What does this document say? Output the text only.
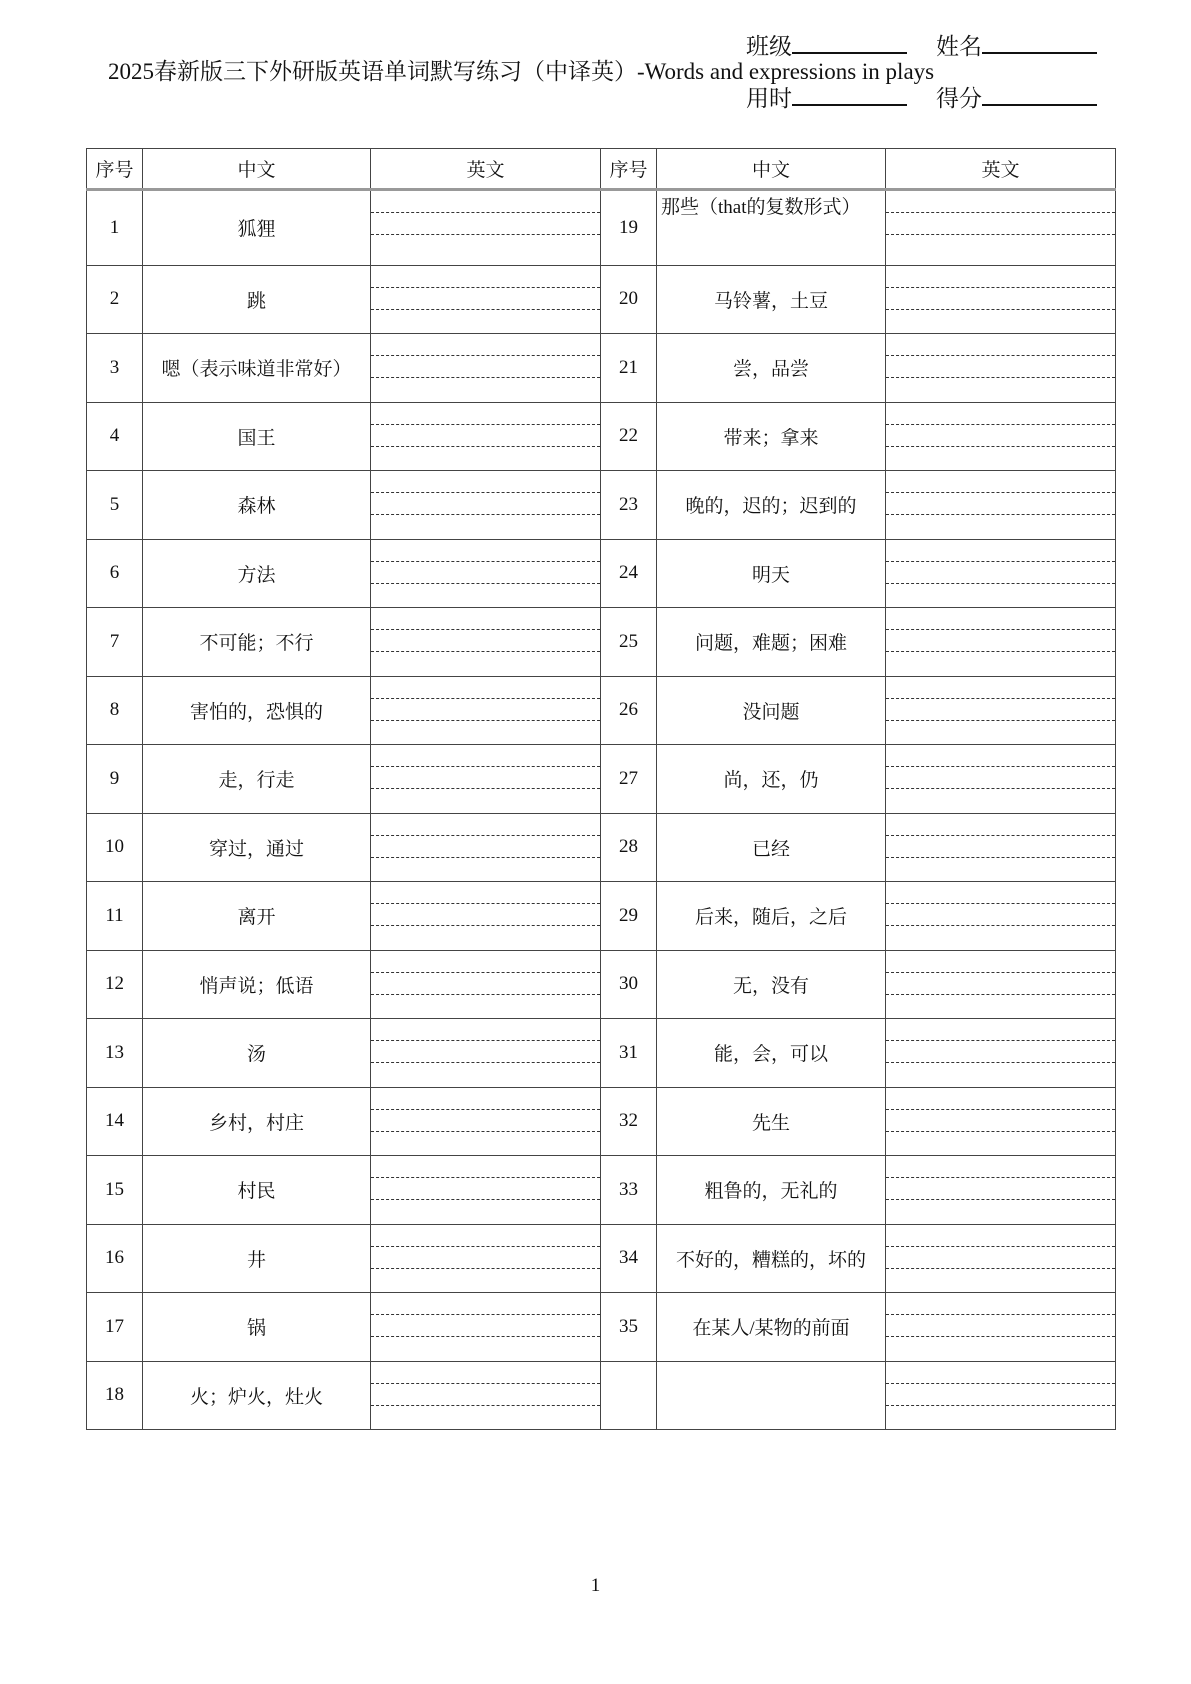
班级	姓名
2025春新版三下外研版英语单词默写练习（中译英）-Words and expressions in plays
用时	得分
序号	中文	英文	序号	中文	英文
1	狐狸		19	那些（that的复数形式）	

2	跳		20	马铃薯，土豆	

3	嗯（表示味道非常好）		21	尝，品尝	

4	国王		22	带来；拿来	

5	森林		23	晚的，迟的；迟到的	

6	方法		24	明天	

7	不可能；不行		25	问题，难题；困难	

8	害怕的，恐惧的		26	没问题	

9	走，行走		27	尚，还，仍	

10	穿过，通过		28	已经	

11	离开		29	后来，随后，之后	

12	悄声说；低语		30	无，没有	

13	汤		31	能，会，可以	

14	乡村，村庄		32	先生	

15	村民		33	粗鲁的，无礼的	

16	井		34	不好的，糟糕的，坏的	

17	锅		35	在某人/某物的前面	

18	火；炉火，灶火	

1
